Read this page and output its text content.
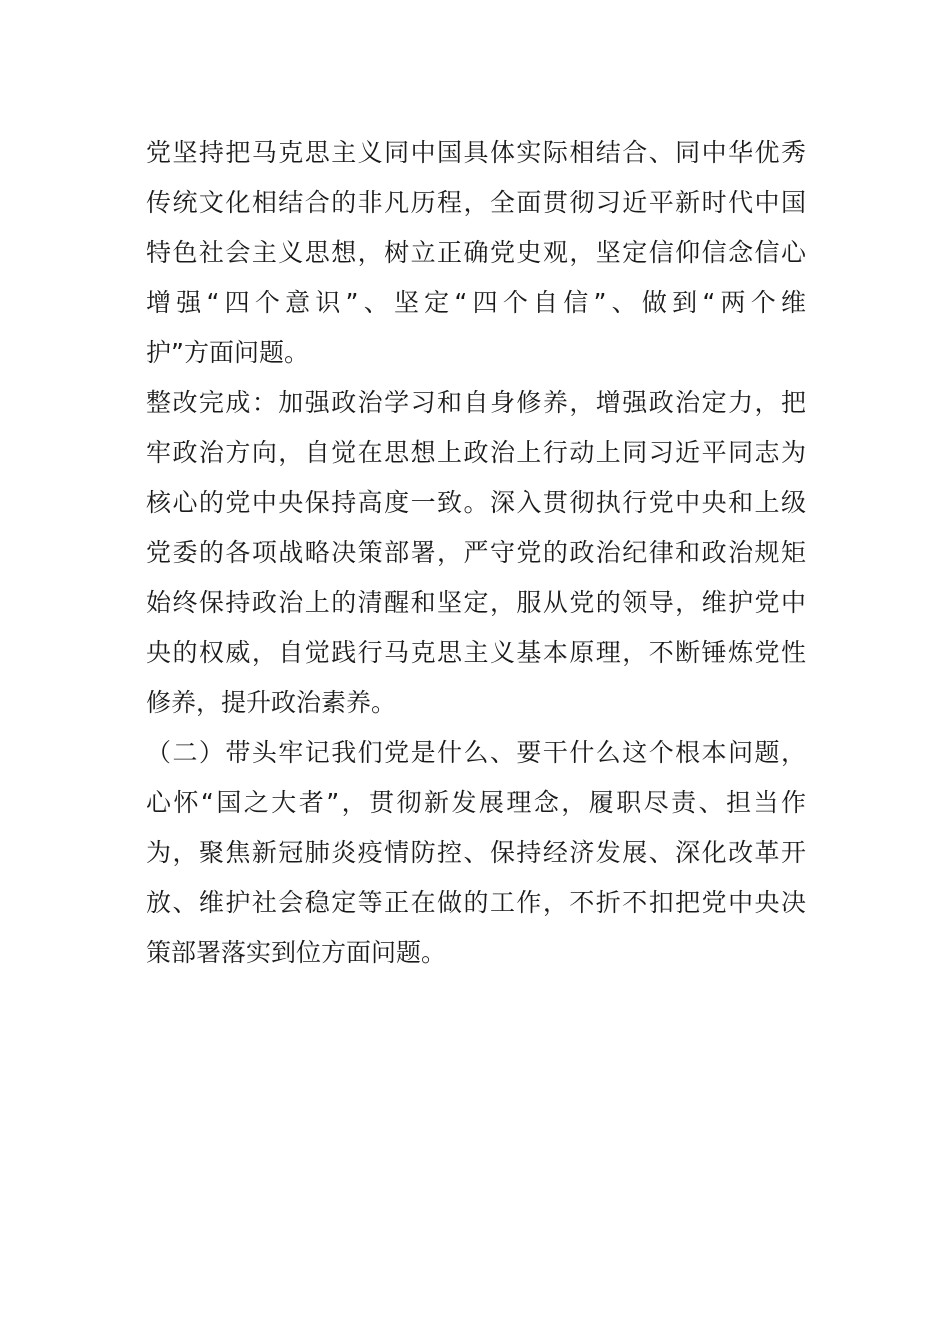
党坚持把马克思主义同中国具体实际相结合、同中华优秀
传统文化相结合的非凡历程，全面贯彻习近平新时代中国
特色社会主义思想，树立正确党史观，坚定信仰信念信心
增强“四个意识”、坚定“四个自信”、做到“两个维
护”方面问题。
整改完成：加强政治学习和自身修养，增强政治定力，把
牢政治方向，自觉在思想上政治上行动上同习近平同志为
核心的党中央保持高度一致。深入贯彻执行党中央和上级
党委的各项战略决策部署，严守党的政治纪律和政治规矩
始终保持政治上的清醒和坚定，服从党的领导，维护党中
央的权威，自觉践行马克思主义基本原理，不断锤炼党性
修养，提升政治素养。
（二）带头牢记我们党是什么、要干什么这个根本问题，
心怀“国之大者”，贯彻新发展理念，履职尽责、担当作
为，聚焦新冠肺炎疫情防控、保持经济发展、深化改革开
放、维护社会稳定等正在做的工作，不折不扣把党中央决
策部署落实到位方面问题。
